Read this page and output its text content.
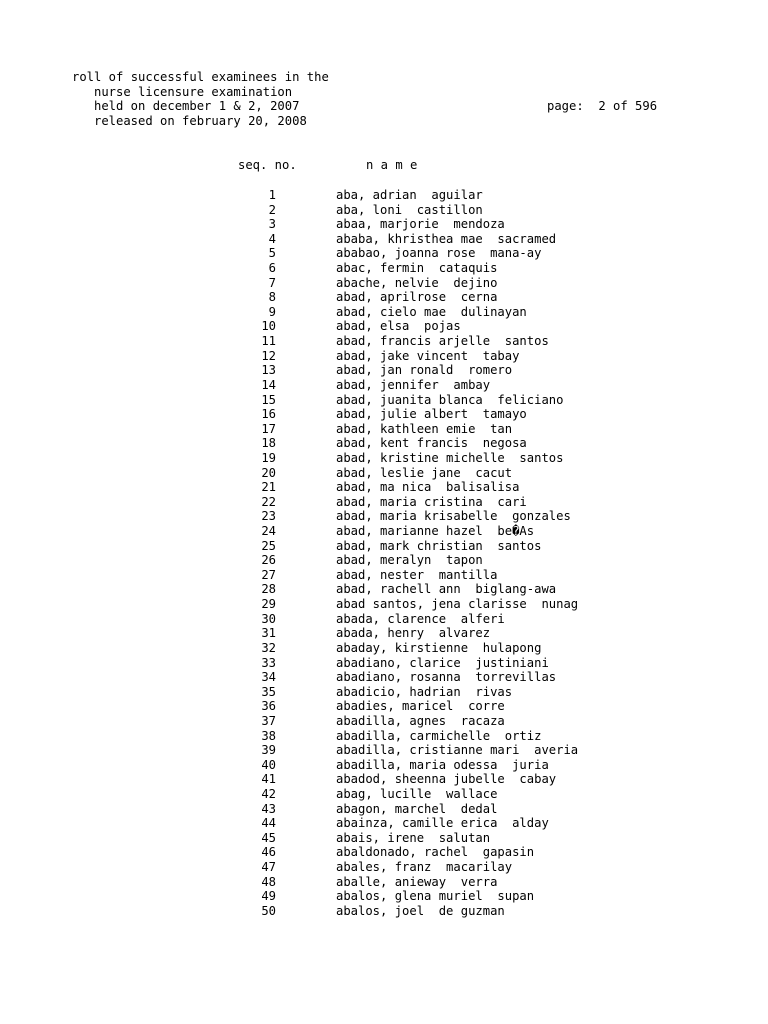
roll of successful examinees in the
nurse licensure examination
held on december 1 & 2, 2007
released on february 20, 2008
page:  2 of 596
seq. no.	n a m e
1	aba, adrian  aguilar
2	aba, loni  castillon
3	abaa, marjorie  mendoza
4	ababa, khristhea mae  sacramed
5	ababao, joanna rose  mana-ay
6	abac, fermin  cataquis
7	abache, nelvie  dejino
8	abad, aprilrose  cerna
9	abad, cielo mae  dulinayan
10	abad, elsa  pojas
11	abad, francis arjelle  santos
12	abad, jake vincent  tabay
13	abad, jan ronald  romero
14	abad, jennifer  ambay
15	abad, juanita blanca  feliciano
16	abad, julie albert  tamayo
17	abad, kathleen emie  tan
18	abad, kent francis  negosa
19	abad, kristine michelle  santos
20	abad, leslie jane  cacut
21	abad, ma nica  balisalisa
22	abad, maria cristina  cari
23	abad, maria krisabelle  gonzales
24	abad, marianne hazel  be�As
25	abad, mark christian  santos
26	abad, meralyn  tapon
27	abad, nester  mantilla
28	abad, rachell ann  biglang-awa
29	abad santos, jena clarisse  nunag
30	abada, clarence  alferi
31	abada, henry  alvarez
32	abaday, kirstienne  hulapong
33	abadiano, clarice  justiniani
34	abadiano, rosanna  torrevillas
35	abadicio, hadrian  rivas
36	abadies, maricel  corre
37	abadilla, agnes  racaza
38	abadilla, carmichelle  ortiz
39	abadilla, cristianne mari  averia
40	abadilla, maria odessa  juria
41	abadod, sheenna jubelle  cabay
42	abag, lucille  wallace
43	abagon, marchel  dedal
44	abainza, camille erica  alday
45	abais, irene  salutan
46	abaldonado, rachel  gapasin
47	abales, franz  macarilay
48	aballe, anieway  verra
49	abalos, glena muriel  supan
50	abalos, joel  de guzman
